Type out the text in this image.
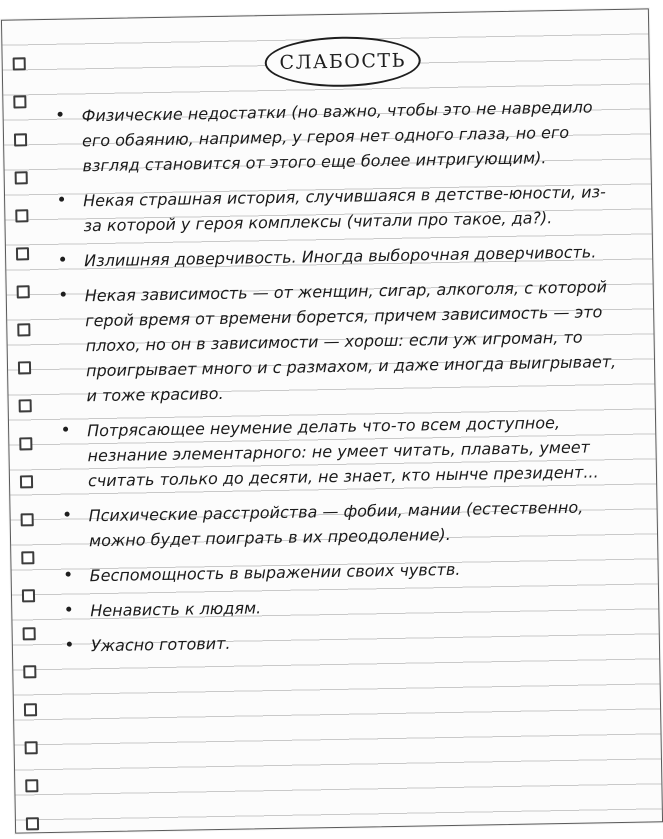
СЛАБОСТЬ
Физические недостатки (но важно, чтобы это не навредило его обаянию, например, у героя нет одного глаза, но его взгляд становится от этого еще более интригующим).
Некая страшная история, случившаяся в детстве-юности, из-за которой у героя комплексы (читали про такое, да?).
Излишняя доверчивость. Иногда выборочная доверчивость.
Некая зависимость — от женщин, сигар, алкоголя, с которой герой время от времени борется, причем зависимость — это плохо, но он в зависимости — хорош: если уж игроман, то проигрывает много и с размахом, и даже иногда выигрывает, и тоже красиво.
Потрясающее неумение делать что-то всем доступное, незнание элементарного: не умеет читать, плавать, умеет считать только до десяти, не знает, кто нынче президент...
Психические расстройства — фобии, мании (естественно, можно будет поиграть в их преодоление).
Беспомощность в выражении своих чувств.
Ненависть к людям.
Ужасно готовит.
